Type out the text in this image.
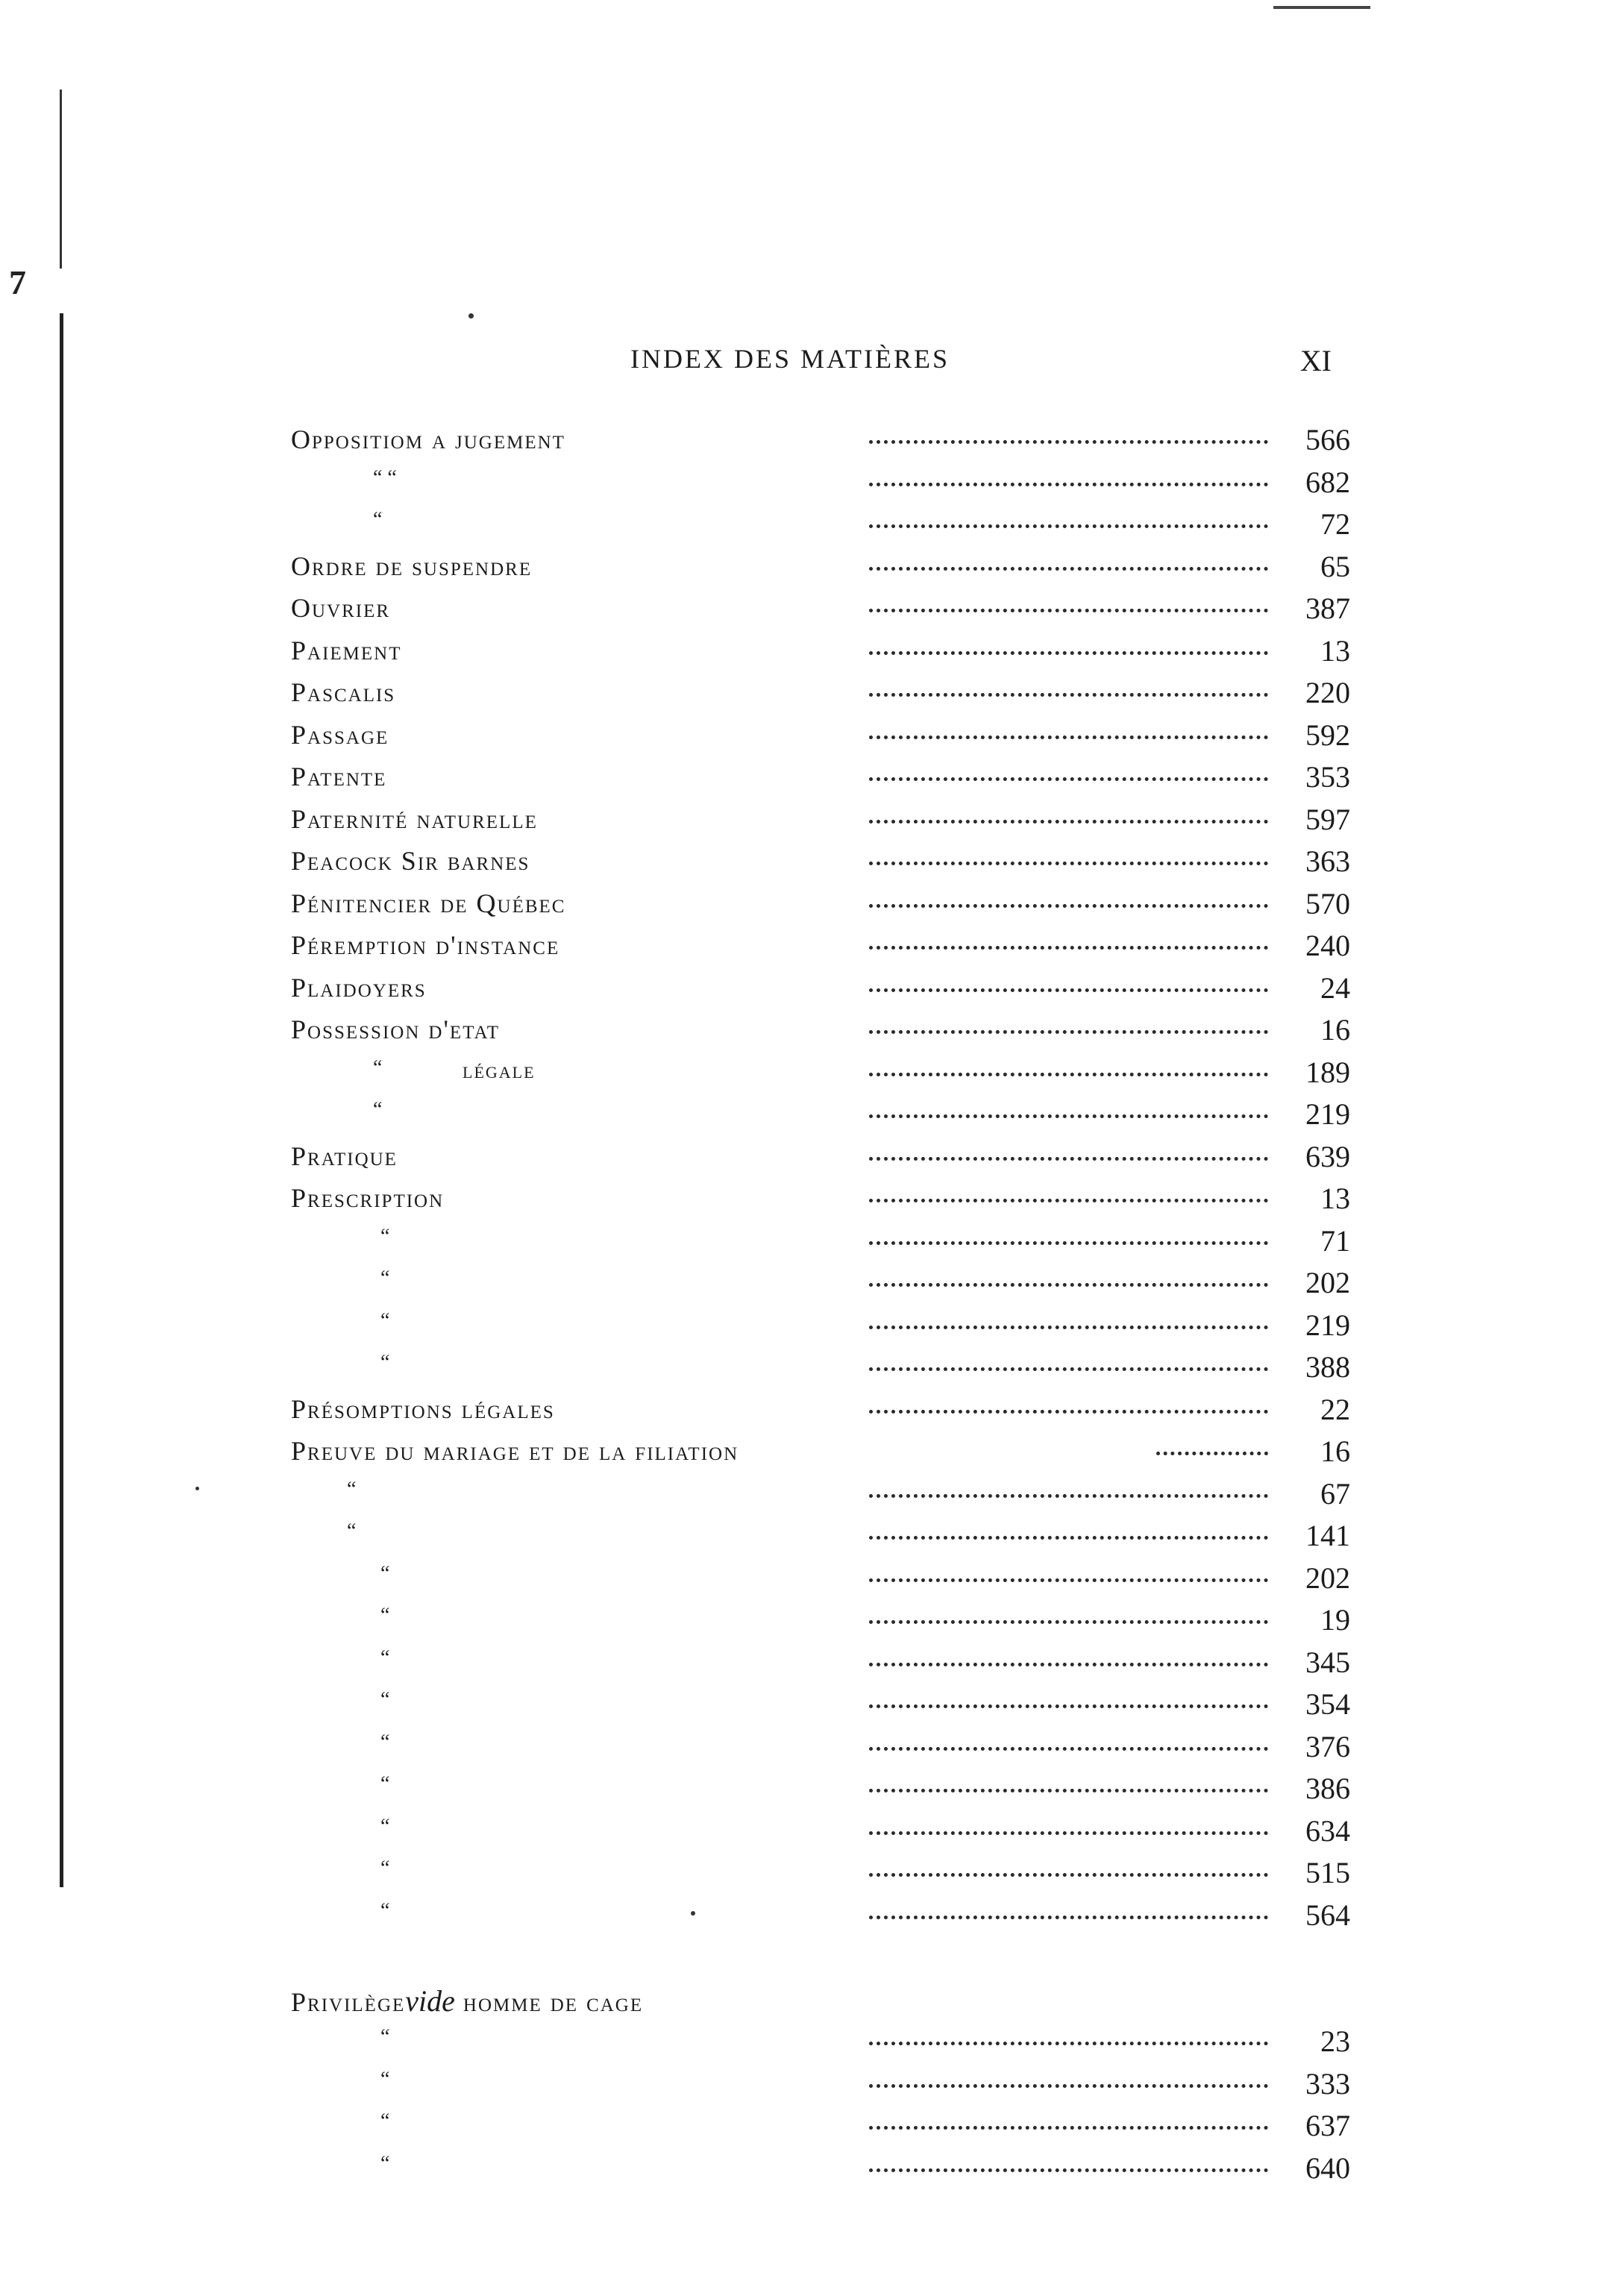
7
INDEX DES MATIÈRES	XI
Oppositiom a jugement	566
“ “	682
“	72
Ordre de suspendre	65
Ouvrier	387
Paiement	13
Pascalis	220
Passage	592
Patente	353
Paternité naturelle	597
Peacock Sir barnes	363
Pénitencier de Québec	570
Péremption d'instance	240
Plaidoyers	24
Possession d'etat	16
“	légale	189
“	219
Pratique	639
Prescription	13
“	71
“	202
“	219
“	388
Présomptions légales	22
Preuve du mariage et de la filiation	16
“	67
“	141
“	202
“	19
“	345
“	354
“	376
“	386
“	634
“	515
“	564
Privilègevide homme de cage
“	23
“	333
“	637
“	640
